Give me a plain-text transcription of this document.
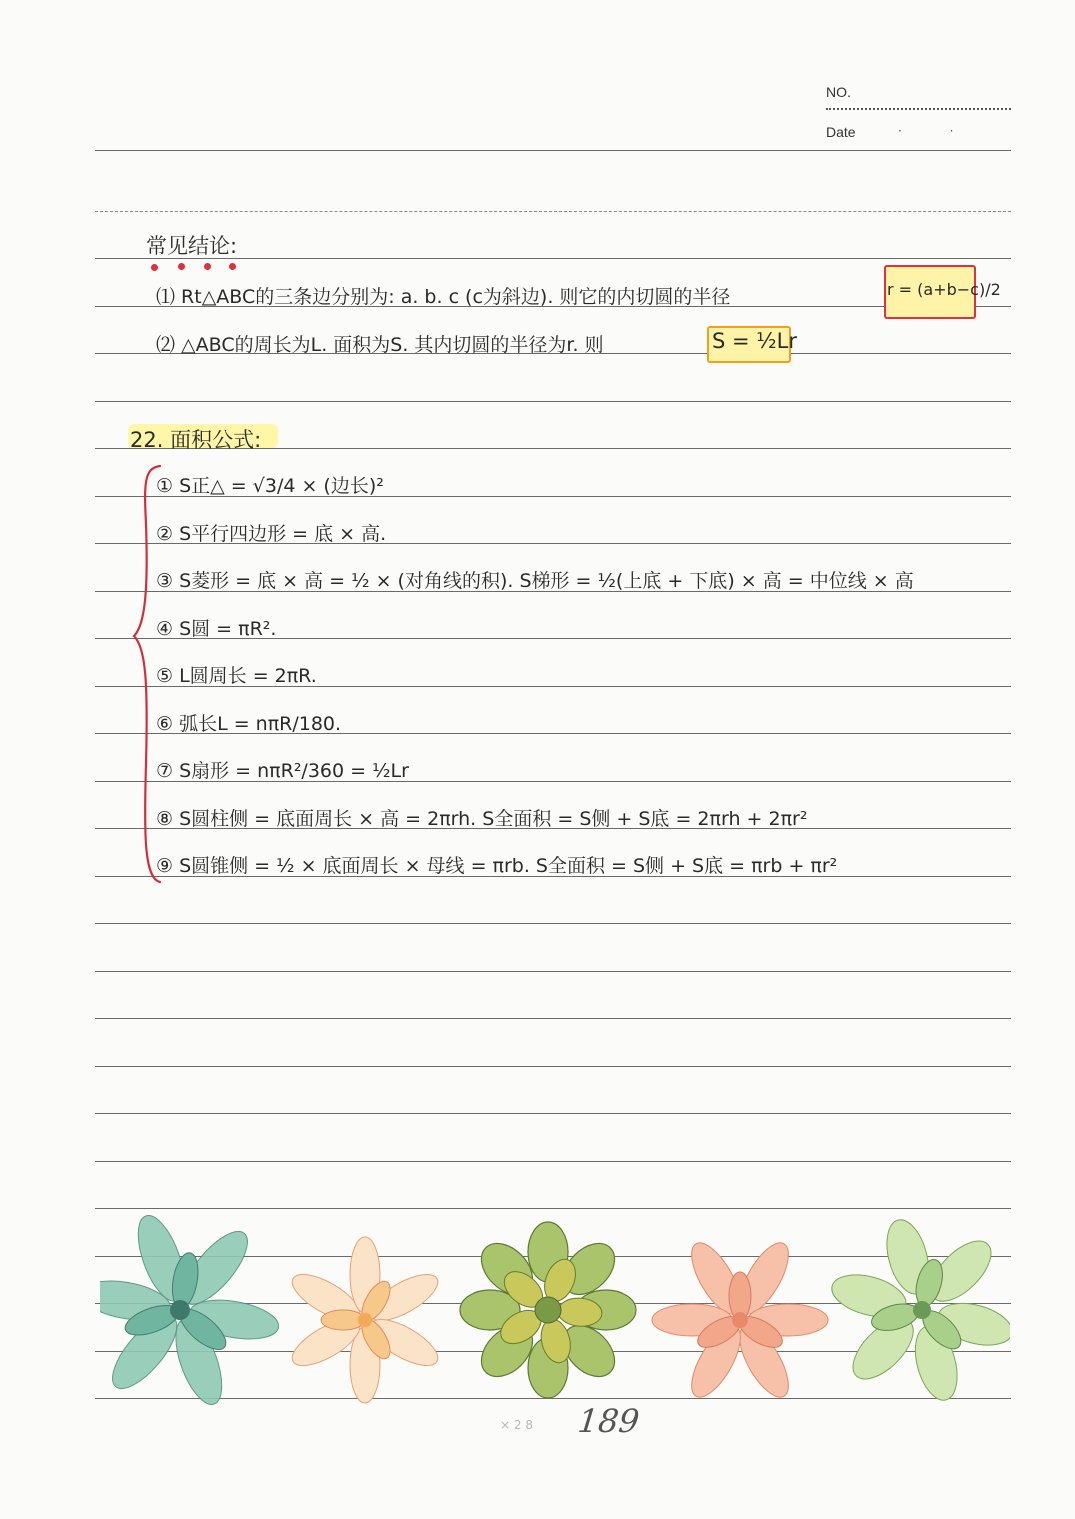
NO.
Date	· ·
常见结论:
⑴ Rt△ABC的三条边分别为: a. b. c (c为斜边). 则它的内切圆的半径	r = (a+b−c)/2
⑵ △ABC的周长为L. 面积为S. 其内切圆的半径为r. 则	S = ½Lr
22. 面积公式:
① S正△ = √3/4 × (边长)²
② S平行四边形 = 底 × 高.
③ S菱形 = 底 × 高 = ½ × (对角线的积). S梯形 = ½(上底 + 下底) × 高 = 中位线 × 高
④ S圆 = πR².
⑤ L圆周长 = 2πR.
⑥ 弧长L = nπR/180.
⑦ S扇形 = nπR²/360 = ½Lr
⑧ S圆柱侧 = 底面周长 × 高 = 2πrh. S全面积 = S侧 + S底 = 2πrh + 2πr²
⑨ S圆锥侧 = ½ × 底面周长 × 母线 = πrb. S全面积 = S侧 + S底 = πrb + πr²
× 2 8 189
